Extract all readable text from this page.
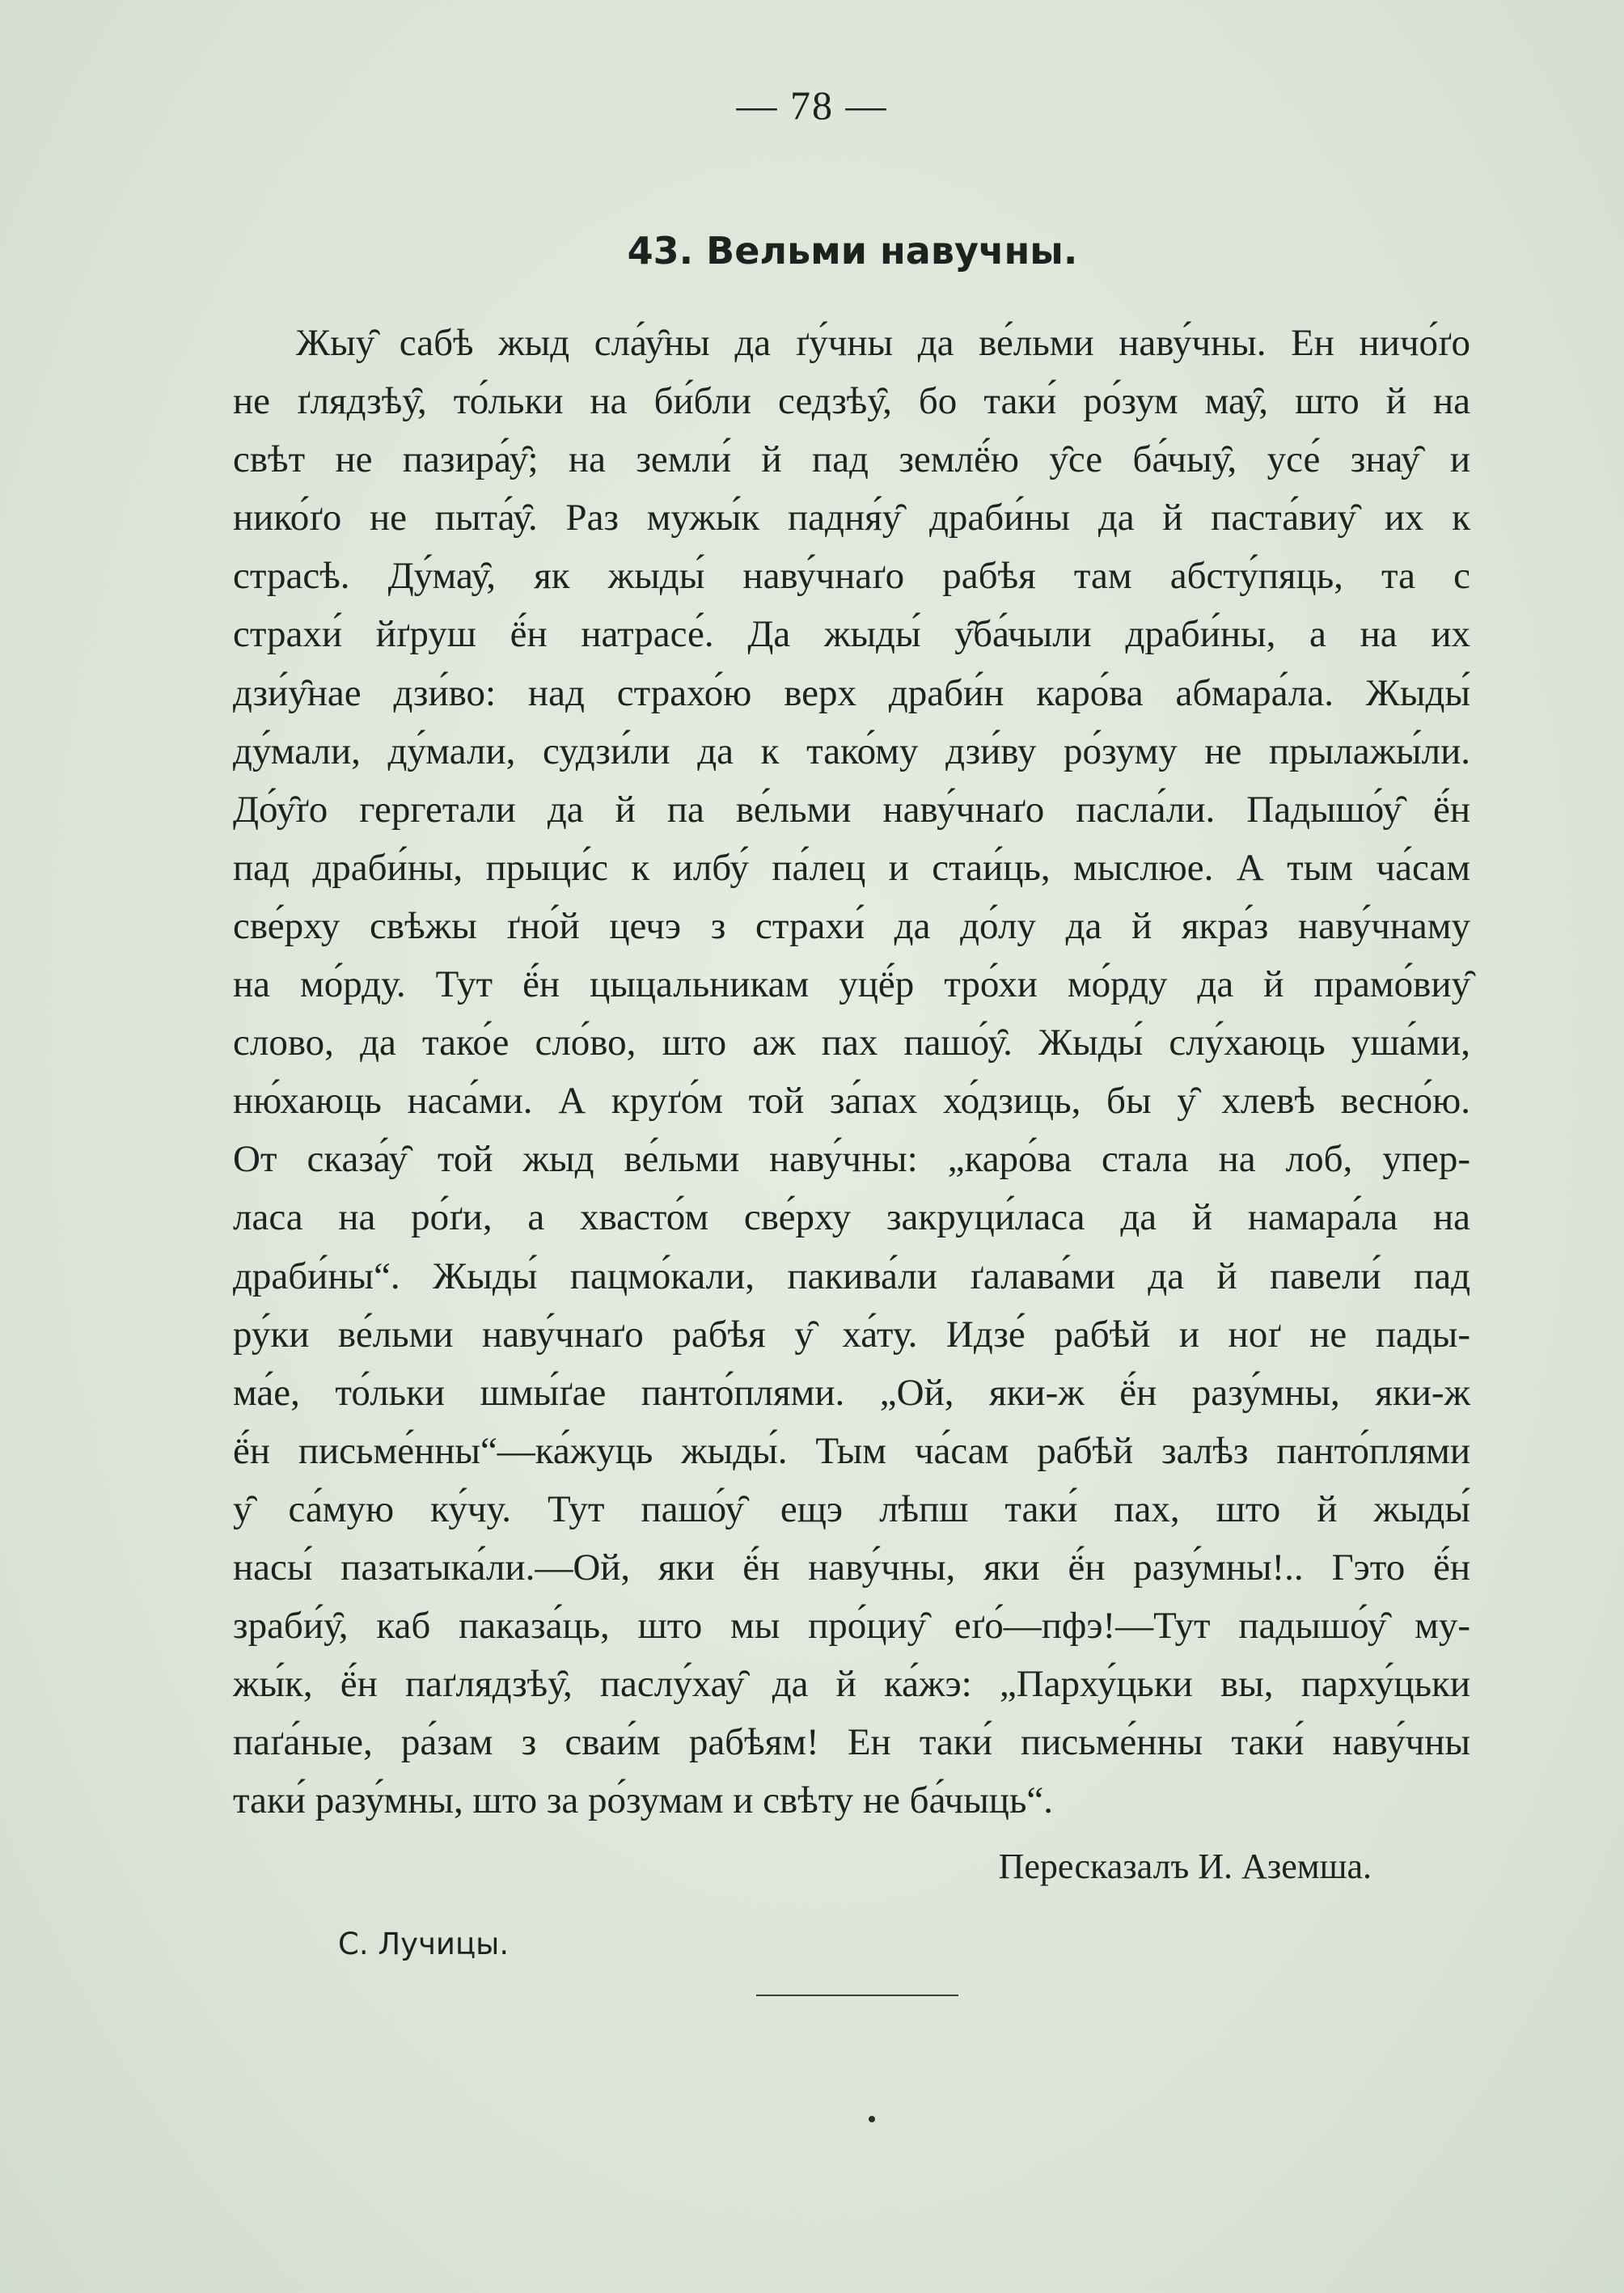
— 78 —
43. Вельми навучны.
Жыу̑ сабѣ жыд сла́у̑ны да ґу́чны да ве́льми наву́чны. Ен ничо́ґо
не ґлядзѣу̑, то́льки на би́бли седзѣу̑, бо таки́ ро́зум мау̑, што й на
свѣт не пазира́у̑; на земли́ й пад землё́ю у̑се ба́чыу̑, усе́ знау̑ и
нико́ґо не пыта́у̑. Раз мужы́к падня́у̑ драби́ны да й паста́виу̑ их к
страсѣ. Ду́мау̑, як жыды́ наву́чнаґо рабѣя там абсту́пяць, та с
страхи́ йґруш ё́н натрасе́. Да жыды́ у̑ба́чыли драби́ны, а на их
дзи́у̑нае дзи́во: над страхо́ю верх драби́н каро́ва абмара́ла. Жыды́
ду́мали, ду́мали, судзи́ли да к тако́му дзи́ву ро́зуму не прылажы́ли.
До́у̑ґо гергетали да й па ве́льми наву́чнаґо пасла́ли. Падышо́у̑ ё́н
пад драби́ны, прыци́с к илбу́ па́лец и стаи́ць, мыслюе. А тым ча́сам
све́рху свѣжы ґно́й цечэ з страхи́ да до́лу да й якра́з наву́чнаму
на мо́рду. Тут ё́н цыцальникам уцё́р тро́хи мо́рду да й прамо́виу̑
слово, да тако́е сло́во, што аж пах пашо́у̑. Жыды́ слу́хаюць уша́ми,
ню́хаюць наса́ми. А круґо́м той за́пах хо́дзиць, бы у̑ хлевѣ весно́ю.
От сказа́у̑ той жыд ве́льми наву́чны: „каро́ва стала на лоб, упер-
ласа на ро́ґи, а хвасто́м све́рху закруци́ласа да й намара́ла на
драби́ны“. Жыды́ пацмо́кали, пакива́ли ґалава́ми да й павели́ пад
ру́ки ве́льми наву́чнаґо рабѣя у̑ ха́ту. Идзе́ рабѣй и ноґ не пады-
ма́е, то́льки шмы́ґае панто́плями. „Ой, яки-ж ё́н разу́мны, яки-ж
ё́н письме́нны“—ка́жуць жыды́. Тым ча́сам рабѣй залѣз панто́плями
у̑ са́мую ку́чу. Тут пашо́у̑ ещэ лѣпш таки́ пах, што й жыды́
насы́ пазатыка́ли.—Ой, яки ё́н наву́чны, яки ё́н разу́мны!.. Гэто ё́н
зраби́у̑, каб паказа́ць, што мы про́циу̑ еґо́—пфэ!—Тут падышо́у̑ му-
жы́к, ё́н паґлядзѣу̑, паслу́хау̑ да й ка́жэ: „Парху́цьки вы, парху́цьки
паґа́ные, ра́зам з сваи́м рабѣям! Ен таки́ письме́нны таки́ наву́чны
таки́ разу́мны, што за ро́зумам и свѣту не ба́чыць“.
Пересказалъ И. Аземша.
С. Лучицы.
